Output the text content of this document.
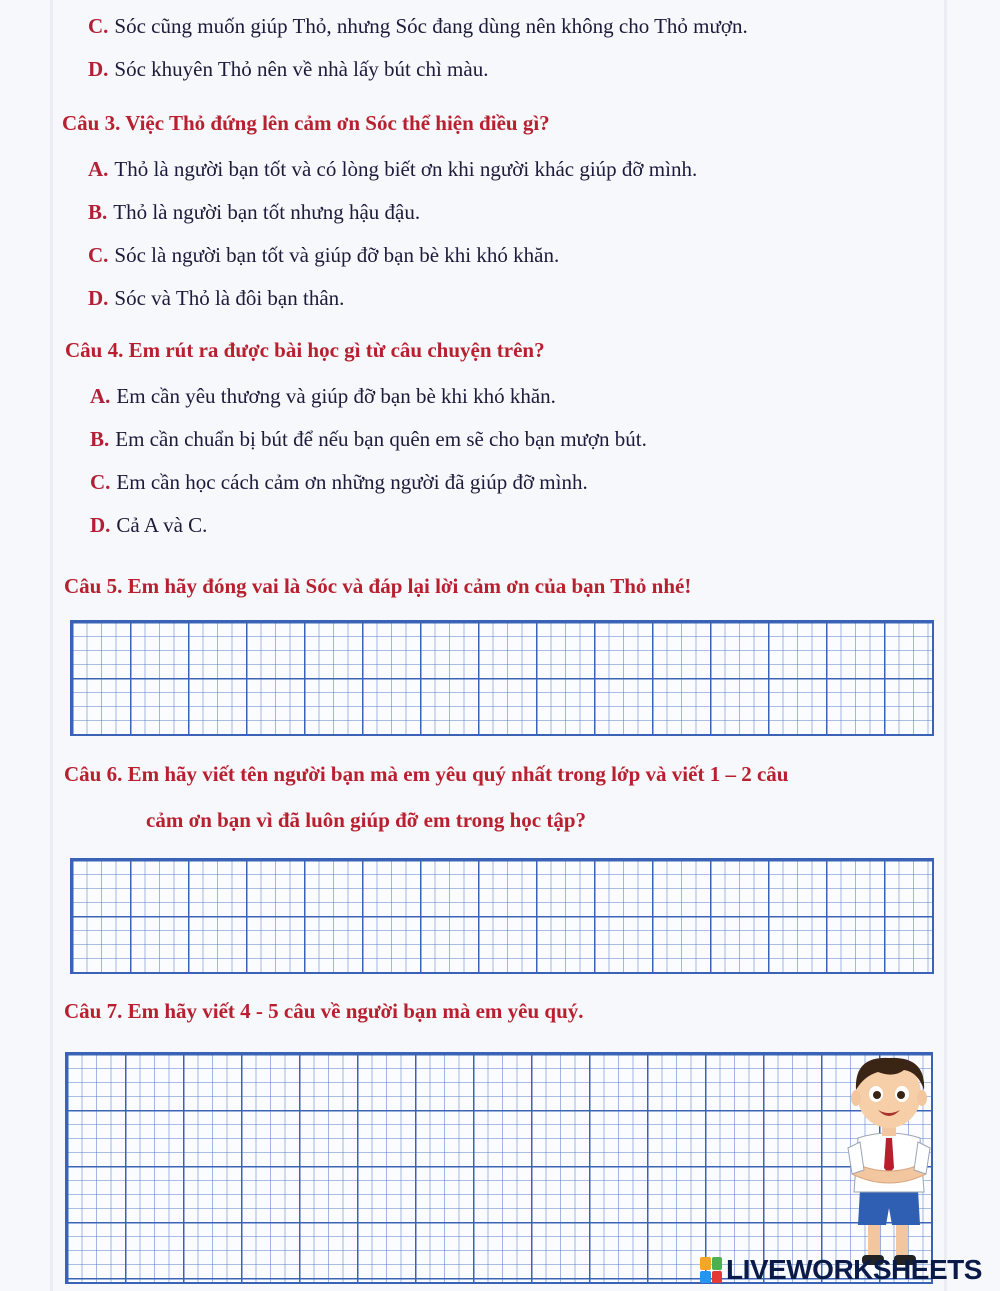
C. Sóc cũng muốn giúp Thỏ, nhưng Sóc đang dùng nên không cho Thỏ mượn.
D. Sóc khuyên Thỏ nên về nhà lấy bút chì màu.
Câu 3. Việc Thỏ đứng lên cảm ơn Sóc thể hiện điều gì?
A. Thỏ là người bạn tốt và có lòng biết ơn khi người khác giúp đỡ mình.
B. Thỏ là người bạn tốt nhưng hậu đậu.
C. Sóc là người bạn tốt và giúp đỡ bạn bè khi khó khăn.
D. Sóc và Thỏ là đôi bạn thân.
Câu 4. Em rút ra được bài học gì từ câu chuyện trên?
A. Em cần yêu thương và giúp đỡ bạn bè khi khó khăn.
B. Em cần chuẩn bị bút để nếu bạn quên em sẽ cho bạn mượn bút.
C. Em cần học cách cảm ơn những người đã giúp đỡ mình.
D. Cả A và C.
Câu 5. Em hãy đóng vai là Sóc và đáp lại lời cảm ơn của bạn Thỏ nhé!
Câu 6. Em hãy viết tên người bạn mà em yêu quý nhất trong lớp và viết 1 – 2 câu
cảm ơn bạn vì đã luôn giúp đỡ em trong học tập?
Câu 7. Em hãy viết 4 - 5 câu về người bạn mà em yêu quý.
LIVEWORKSHEETS
